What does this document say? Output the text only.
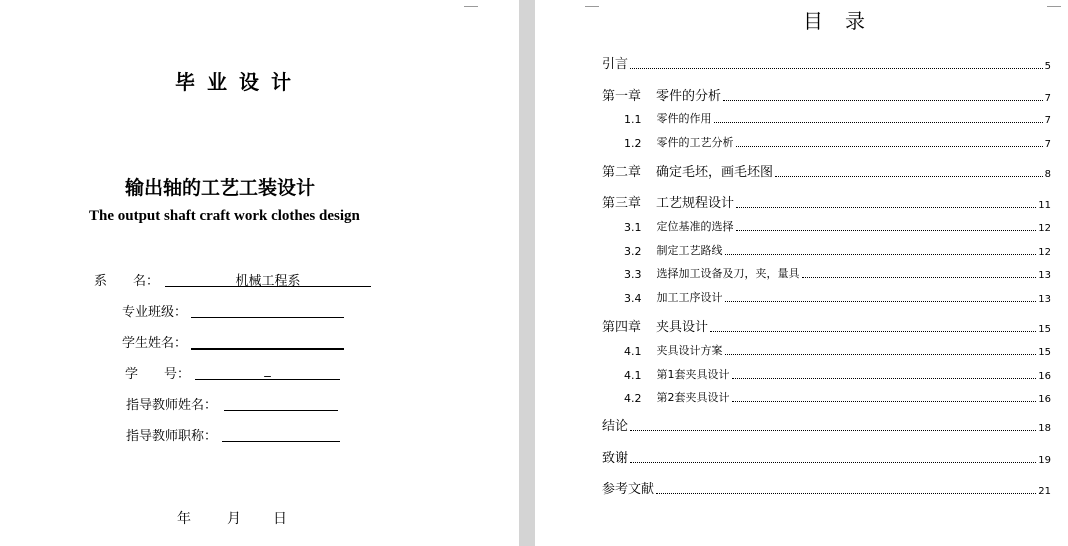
毕业设计
输出轴的工艺工装设计
The output shaft craft work clothes design
系　　名：	机械工程系
专业班级：
学生姓名：
学　　号：	_
指导教师姓名：
指导教师职称：
年	月 日
目录
引言	5
第一章 零件的分析	7
1.1 零件的作用	7
1.2 零件的工艺分析	7
第二章 确定毛坯，画毛坯图	8
第三章 工艺规程设计	11
3.1 定位基准的选择	12
3.2 制定工艺路线	12
3.3 选择加工设备及刀，夹，量具	13
3.4 加工工序设计	13
第四章 夹具设计	15
4.1 夹具设计方案	15
4.1 第1套夹具设计	16
4.2 第2套夹具设计	16
结论	18
致谢	19
参考文献	21
